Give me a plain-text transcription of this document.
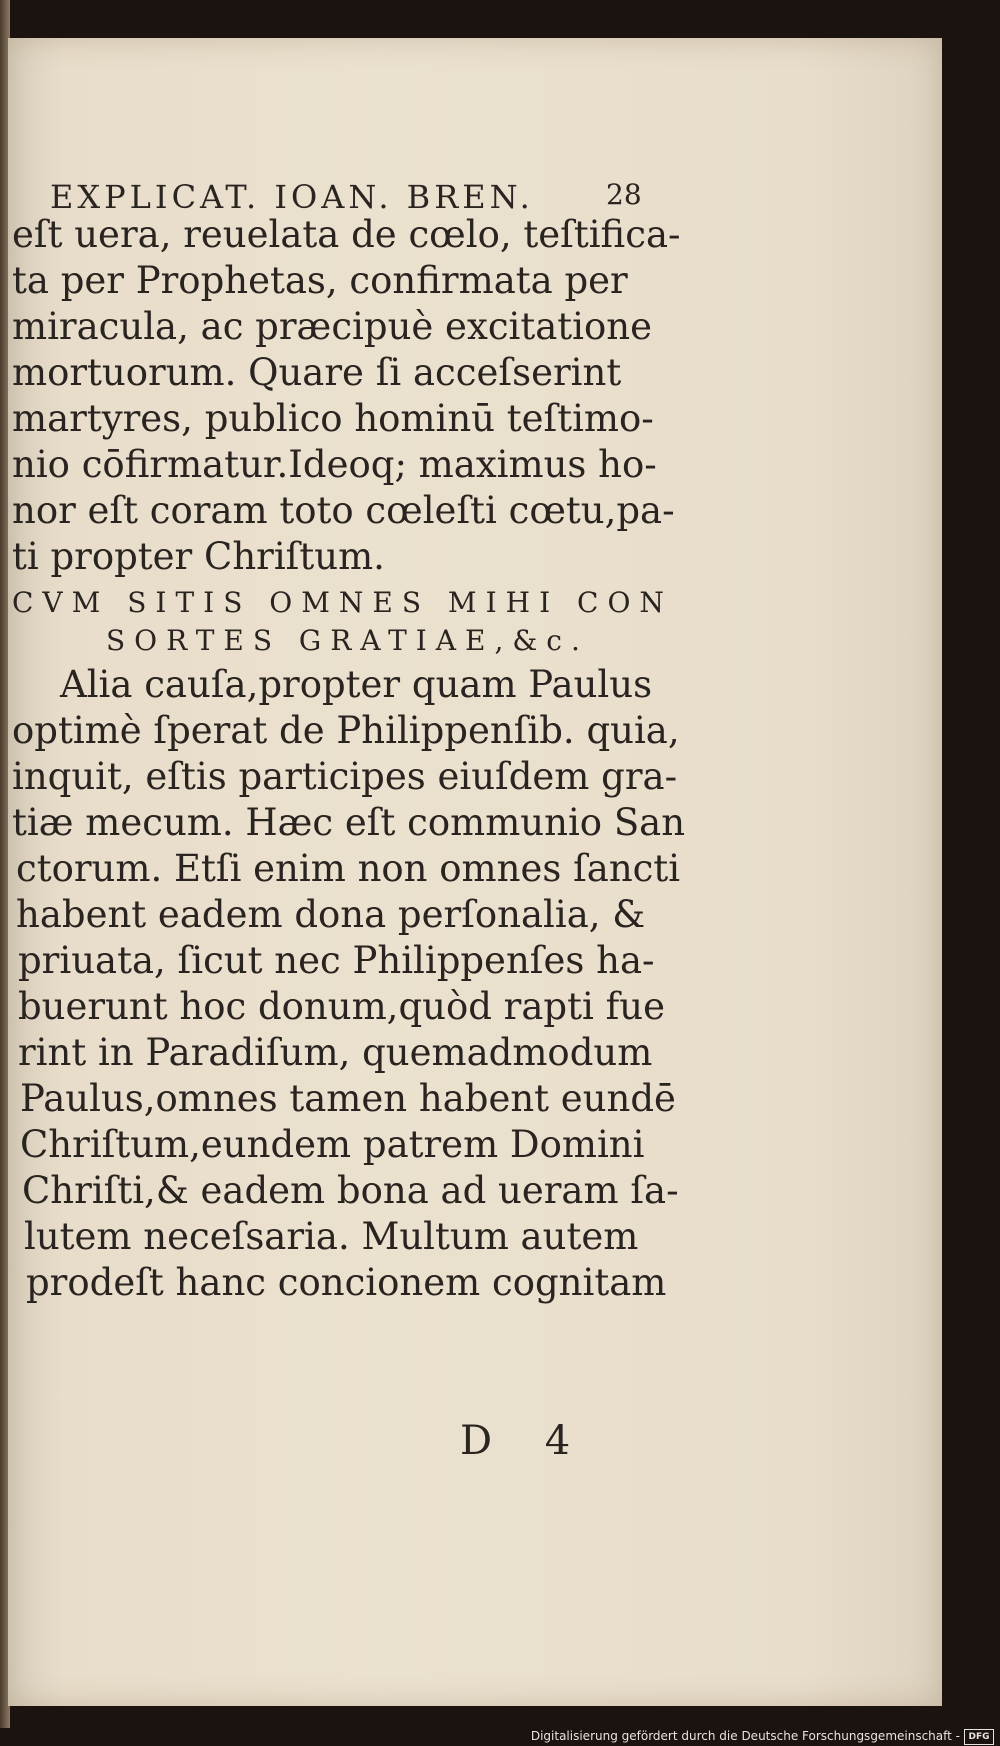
EXPLICAT. IOAN. BREN.	28
eſt uera, reuelata de cœlo, teſtifica-
ta per Prophetas, confirmata per
miracula, ac præcipuè excitatione
mortuorum. Quare ſi acceſserint
martyres, publico hominū teſtimo-
nio cōfirmatur.Ideoq; maximus ho-
nor eſt coram toto cœleſti cœtu,pa-
ti propter Chriſtum.
CVM SITIS OMNES MIHI CON
SORTES GRATIAE,&c.
Alia cauſa,propter quam Paulus
optimè ſperat de Philippenſib. quia,
inquit, eſtis participes eiuſdem gra-
tiæ mecum. Hæc eſt communio San
ctorum. Etſi enim non omnes ſancti
habent eadem dona perſonalia, &
priuata, ſicut nec Philippenſes ha-
buerunt hoc donum,quòd rapti fue
rint in Paradiſum, quemadmodum
Paulus,omnes tamen habent eundē
Chriſtum,eundem patrem Domini
Chriſti,& eadem bona ad ueram ſa-
lutem neceſsaria. Multum autem
prodeſt hanc concionem cognitam
D 4
Digitalisierung gefördert durch die Deutsche Forschungsgemeinschaft - DFG
